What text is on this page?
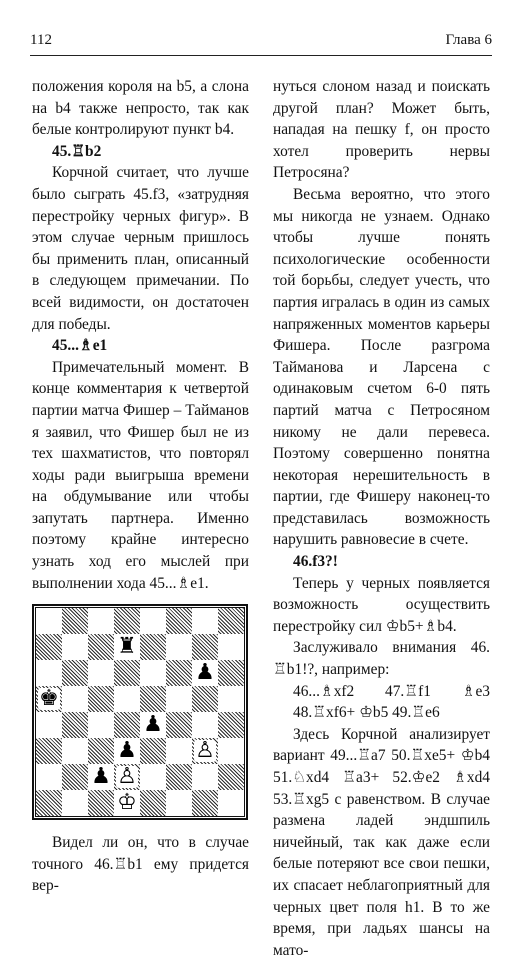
112	Глава 6

положения короля на b5, а слона на b4 также непросто, так как белые контролируют пункт b4.

45.♖b2

Корчной считает, что лучше было сыграть 45.f3, «затрудняя перестройку черных фигур». В этом случае черным пришлось бы применить план, описанный в следующем примечании. По всей видимости, он достаточен для победы.

45...♗e1

Примечательный момент. В конце комментария к четвертой партии матча Фишер – Тайманов я заявил, что Фишер был не из тех шахматистов, что повторял ходы ради выигрыша времени на обдумывание или чтобы запутать партнера. Именно поэтому крайне интересно узнать ход его мыслей при выполнении хода 45...♗e1.

♜
♟
♚
♟
♟	♙
♟ ♙
♔

Видел ли он, что в случае точного 46.♖b1 ему придется вер-

нуться слоном назад и поискать другой план? Может быть, нападая на пешку f, он просто хотел проверить нервы Петросяна?

Весьма вероятно, что этого мы никогда не узнаем. Однако чтобы лучше понять психологические особенности той борьбы, следует учесть, что партия игралась в один из самых напряженных моментов карьеры Фишера. После разгрома Тайманова и Ларсена с одинаковым счетом 6-0 пять партий матча с Петросяном никому не дали перевеса. Поэтому совершенно понятна некоторая нерешительность в партии, где Фишеру наконец-то представилась возможность нарушить равновесие в счете.

46.f3?!

Теперь у черных появляется возможность осуществить перестройку сил ♔b5+♗b4.

Заслуживало внимания 46. ♖b1!?, например:

46...♗xf2 47.♖f1 ♗e3 48.♖xf6+ ♔b5 49.♖e6

Здесь Корчной анализирует вариант 49...♖a7 50.♖xe5+ ♔b4 51.♘xd4 ♖a3+ 52.♔e2 ♗xd4 53.♖xg5 с равенством. В случае размена ладей эндшпиль ничейный, так как даже если белые потеряют все свои пешки, их спасает неблагоприятный для черных цвет поля h1. В то же время, при ладьях шансы на мато-
